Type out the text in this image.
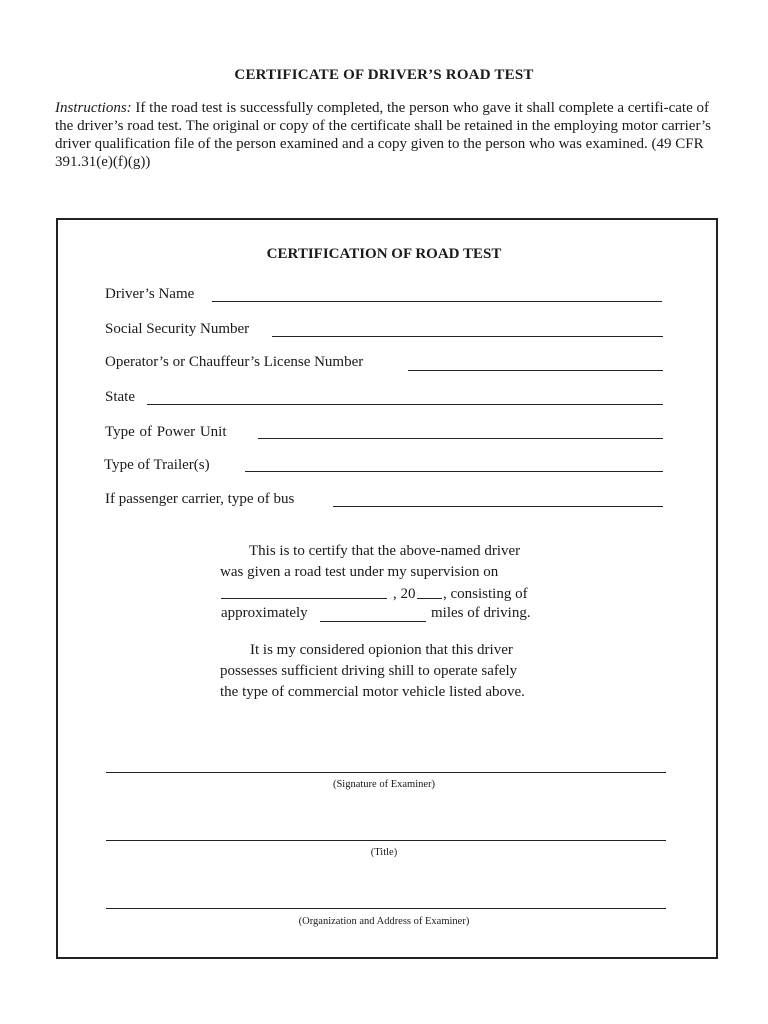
CERTIFICATE OF DRIVER’S ROAD TEST
Instructions: If the road test is successfully completed, the person who gave it shall complete a certifi-cate of the driver’s road test. The original or copy of the certificate shall be retained in the employing motor carrier’s driver qualification file of the person examined and a copy given to the person who was examined. (49 CFR 391.31(e)(f)(g))
CERTIFICATION OF ROAD TEST
Driver’s Name
Social Security Number
Operator’s or Chauffeur’s License Number
State
Type of Power Unit
Type of Trailer(s)
If passenger carrier, type of bus
This is to certify that the above-named driver
was given a road test under my supervision on
, 20 , consisting of
approximately	miles of driving.
It is my considered opionion that this driver
possesses sufficient driving shill to operate safely
the type of commercial motor vehicle listed above.
(Signature of Examiner)
(Title)
(Organization and Address of Examiner)
